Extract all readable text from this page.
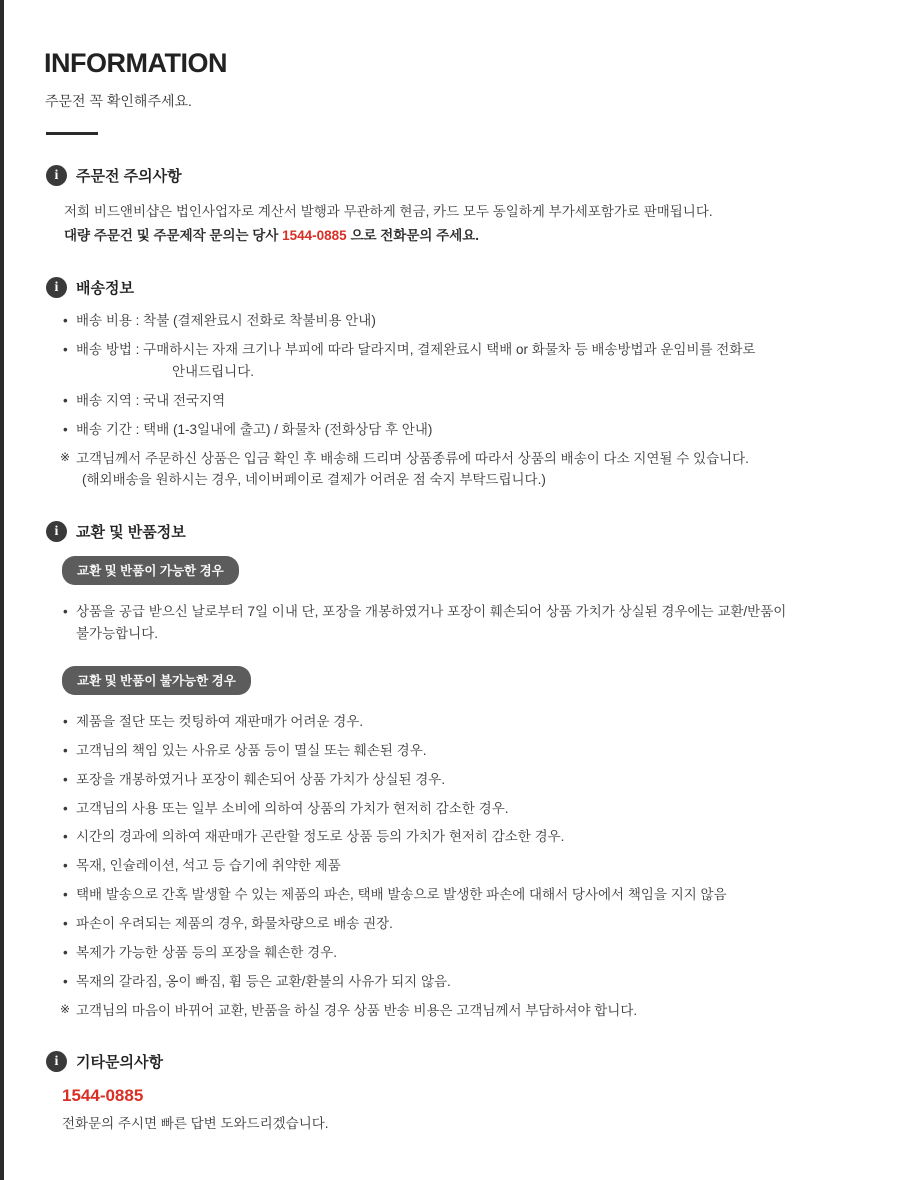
INFORMATION
주문전 꼭 확인해주세요.
i	주문전 주의사항

저희 비드앤비샵은 법인사업자로 계산서 발행과 무관하게 현금, 카드 모두 동일하게 부가세포함가로 판매됩니다.

대량 주문건 및 주문제작 문의는 당사 1544-0885 으로 전화문의 주세요.

i	배송정보
• 배송 비용 : 착불 (결제완료시 전화로 착불비용 안내)
• 배송 방법 : 구매하시는 자재 크기나 부피에 따라 달라지며, 결제완료시 택배 or 화물차 등 배송방법과 운임비를 전화로
안내드립니다.
• 배송 지역 : 국내 전국지역
• 배송 기간 : 택배 (1-3일내에 출고) / 화물차 (전화상담 후 안내)
※ 고객님께서 주문하신 상품은 입금 확인 후 배송해 드리며 상품종류에 따라서 상품의 배송이 다소 지연될 수 있습니다.
(해외배송을 원하시는 경우, 네이버페이로 결제가 어려운 점 숙지 부탁드립니다.)
i	교환 및 반품정보
교환 및 반품이 가능한 경우
• 상품을 공급 받으신 날로부터 7일 이내 단, 포장을 개봉하였거나 포장이 훼손되어 상품 가치가 상실된 경우에는 교환/반품이
불가능합니다.
교환 및 반품이 불가능한 경우
• 제품을 절단 또는 컷팅하여 재판매가 어려운 경우.
• 고객님의 책임 있는 사유로 상품 등이 멸실 또는 훼손된 경우.
• 포장을 개봉하였거나 포장이 훼손되어 상품 가치가 상실된 경우.
• 고객님의 사용 또는 일부 소비에 의하여 상품의 가치가 현저히 감소한 경우.
• 시간의 경과에 의하여 재판매가 곤란할 정도로 상품 등의 가치가 현저히 감소한 경우.
• 목재, 인슐레이션, 석고 등 습기에 취약한 제품
• 택배 발송으로 간혹 발생할 수 있는 제품의 파손, 택배 발송으로 발생한 파손에 대해서 당사에서 책임을 지지 않음
• 파손이 우려되는 제품의 경우, 화물차량으로 배송 권장.
• 복제가 가능한 상품 등의 포장을 훼손한 경우.
• 목재의 갈라짐, 옹이 빠짐, 휨 등은 교환/환불의 사유가 되지 않음.
※ 고객님의 마음이 바뀌어 교환, 반품을 하실 경우 상품 반송 비용은 고객님께서 부담하셔야 합니다.
i	기타문의사항
1544-0885
전화문의 주시면 빠른 답변 도와드리겠습니다.
